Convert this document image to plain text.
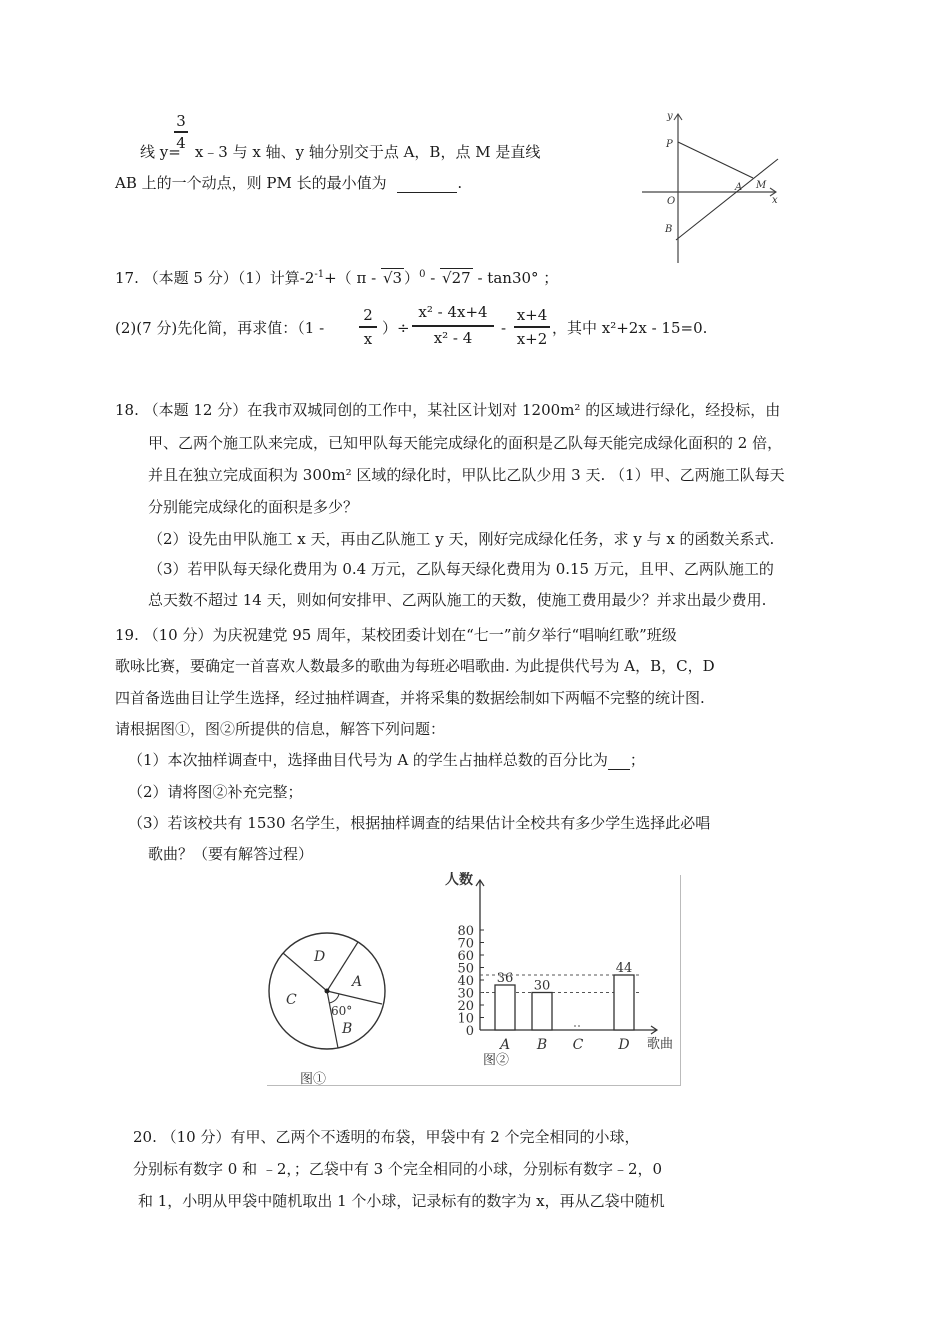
3
4
线 y= x﹣3 与 x 轴、y 轴分别交于点 A，B，点 M 是直线
AB 上的一个动点，则 PM 长的最小值为	.
y
x
P
O
A M
B
17. （本题 5 分）（1）计算$-2^{-1}+$（ π - √3 ）$^0$ - √27 - tan30° ；
(2)(7 分)先化简，再求值：（1 -
2
x
）÷
x² - 4x+4
x² - 4
-
x+4
x+2
，其中 x²+2x - 15=0.
18. （本题 12 分）在我市双城同创的工作中，某社区计划对 1200m² 的区域进行绿化，经投标，由
甲、乙两个施工队来完成，已知甲队每天能完成绿化的面积是乙队每天能完成绿化面积的 2 倍，
并且在独立完成面积为 300m² 区域的绿化时，甲队比乙队少用 3 天. （1）甲、乙两施工队每天
分别能完成绿化的面积是多少？
（2）设先由甲队施工 x 天，再由乙队施工 y 天，刚好完成绿化任务，求 y 与 x 的函数关系式.
（3）若甲队每天绿化费用为 0.4 万元，乙队每天绿化费用为 0.15 万元，且甲、乙两队施工的
总天数不超过 14 天，则如何安排甲、乙两队施工的天数，使施工费用最少？并求出最少费用.
19. （10 分）为庆祝建党 95 周年，某校团委计划在“七一”前夕举行“唱响红歌”班级
歌咏比赛，要确定一首喜欢人数最多的歌曲为每班必唱歌曲. 为此提供代号为 A，B，C，D
四首备选曲目让学生选择，经过抽样调查，并将采集的数据绘制如下两幅不完整的统计图.
请根据图①，图②所提供的信息，解答下列问题：
（1）本次抽样调查中，选择曲目代号为 A 的学生占抽样总数的百分比为 ；
（2）请将图②补充完整；
（3）若该校共有 1530 名学生，根据抽样调查的结果估计全校共有多少学生选择此必唱
歌曲？（要有解答过程）
D
A
C
B
60°
图①
人数
歌曲
0
10
20
30
40
50
60
70
80
A
36
B
30
C	D
44
图②
20. （10 分）有甲、乙两个不透明的布袋，甲袋中有 2 个完全相同的小球，
分别标有数字 0 和 ﹣2，；乙袋中有 3 个完全相同的小球，分别标有数字﹣2，0
和 1，小明从甲袋中随机取出 1 个小球，记录标有的数字为 x，再从乙袋中随机
